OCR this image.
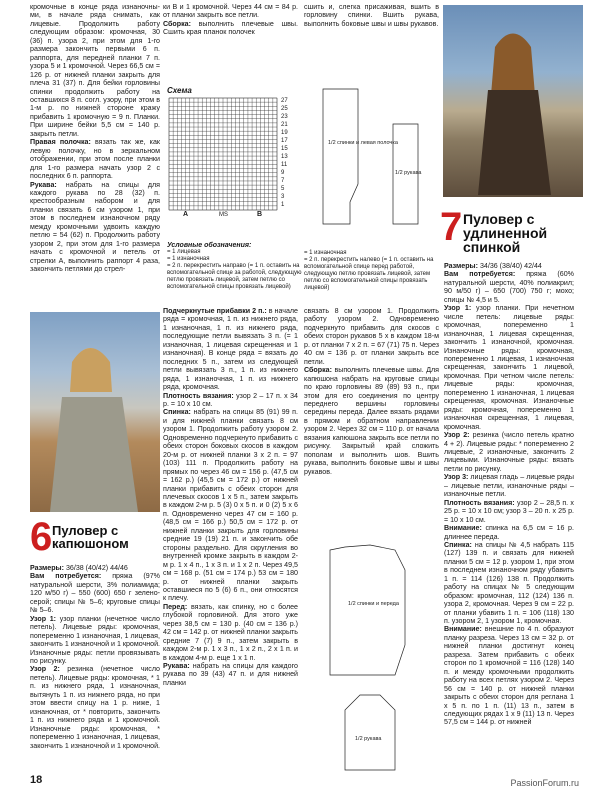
кромочные в конце ряда изнаночны-ми, в начале ряда снимать, как лицевые. Продолжить работу следующим образом: кромочная, 30 (36) п. узора 2, при этом для 1-го размера закончить первыми 6 п. раппорта, для передней планки 7 п. узора 5 и 1 кромочной. Через 66,5 см = 126 р. от нижней планки закрыть для плеча 31 (37) п. Для бейки горловины спинки продолжить работу на оставшихся 8 п. согл. узору, при этом в 1-м р. по нижней стороне кражу прибавить 1 кромочную = 9 п. Планки. При ширине бейки 5,5 см = 140 р. закрыть петли.

Правая полочка: вязать так же, как левую полочку, но в зеркальном отображении, при этом после планки для 1-го размера начать узор 2 с последних 6 п. раппорта.

Рукава: набрать на спицы для каждого рукава по 28 (32) п. крестообразным набором и для планки связать 6 см узором 1, при этом в последнем изнаночном ряду между кромочными удвоить каждую петлю = 54 (62) п. Продолжить работу узором 2, при этом для 1-го размера начать с кромочной и петель от стрелки А, выполнить раппорт 4 раза, закончить петлями до стрел-

ки В и 1 кромочной. Через 44 см = 84 р. от планки закрыть все петли.

Сборка: выполнить плечевые швы. Сшить края планок полочек

сшить и, слегка присаживая, вшить в горловину спинки. Вшить рукава, выполнить боковые швы и швы рукавов.

Схема
27
25
23
21
19
17
15
13
11
9
7
5
3
1
A	B
MS
Условные обозначения:
= 1 лицевая
= 1 изнаночная
= 2 п. перекрестить направо (= 1 п. оставить на вспомогательной спице за работой, следующую петлю провязать лицевой, затем петлю со вспомогательной спицы провязать лицевой)
= 1 изнаночная
= 2 п. перекрестить налево (= 1 п. оставить на вспомогательной спице перед работой, следующую петлю провязать лицевой, затем петлю со вспомогательной спицы провязать лицевой)
1/2 спинки и левая полочка
1/2 рукава
7 Пуловер с удлиненной спинкой

Размеры: 34/36 (38/40) 42/44

Вам потребуется: пряжа (60% натуральной шерсти, 40% полиакрил; 90 м/50 г) – 650 (700) 750 г; мохо; спицы № 4,5 и 5.

Узор 1: узор планки. При нечетном числе петель: лицевые ряды: кромочная, попеременно 1 изнаночная, 1 лицевая скрещенная, закончить 1 изнаночной, кромочная. Изнаночные ряды: кромочная, попеременно 1 лицевая, 1 изнаночная скрещенная, закончить 1 лицевой, кромочная. При четном числе петель: лицевые ряды: кромочная, попеременно 1 изнаночная, 1 лицевая скрещенная, кромочная. Изнаночные ряды: кромочная, попеременно 1 изнаночная скрещенная, 1 лицевая, кромочная.

Узор 2: резинка (число петель кратно 4 + 2). Лицевые ряды: * попеременно 2 лицевые, 2 изнаночные, закончить 2 лицевыми. Изнаночные ряды: вязать петли по рисунку.

Узор 3: лицевая гладь – лицевые ряды – лицевые петли, изнаночные ряды – изнаночные петли.

Плотность вязания: узор 2 – 28,5 п. x 25 р. = 10 x 10 см; узор 3 – 20 п. x 25 р. = 10 x 10 см.

Внимание: спинка на 6,5 см = 16 р. длиннее переда.

Спинка: на спицы № 4,5 набрать 115 (127) 139 п. и связать для нижней планки 5 см = 12 р. узором 1, при этом в последнем изнаночном ряду убавить 1 п. = 114 (126) 138 п. Продолжить работу на спицах № 5 следующим образом: кромочная, 112 (124) 136 п. узора 2, кромочная. Через 9 см = 22 р. от планки убавить 1 п. = 106 (118) 130 п. узором 2, 1 узором 1, кромочная.

Внимание: внешние по 4 п. образуют планку разреза. Через 13 см = 32 р. от нижней планки достигнут конец разреза. Затем прибавить с обеих сторон по 1 кромочной = 116 (128) 140 п. и между кромочными продолжить работу на всех петлях узором 2. Через 56 см = 140 р. от нижней планки закрыть с обеих сторон для реглана 1 х 5 п. по 1 п. (11) 13 п., затем в следующих рядах 1 х 9 (11) 13 п. Через 57,5 см = 144 р. от нижней

6 Пуловер с капюшоном

Размеры: 36/38 (40/42) 44/46

Вам потребуется: пряжа (97% натуральной шерсти, 3% полиамида; 120 м/50 г) – 550 (600) 650 г зелено-серой; спицы № 5–6; круговые спицы № 5–6.

Узор 1: узор планки (нечетное число петель). Лицевые ряды: кромочная, попеременно 1 изнаночная, 1 лицевая, закончить 1 изнаночной и 1 кромочной. Изнаночные ряды: петли провязывать по рисунку.

Узор 2: резинка (нечетное число петель). Лицевые ряды: кромочная, * 1 п. из нижнего ряда, 1 изнаночная, вытянуть 1 п. из нижнего ряда, но при этом ввести спицу на 1 р. ниже, 1 изнаночная, от * повторить, закончить 1 п. из нижнего ряда и 1 кромочной. Изнаночные ряды: кромочная, * попеременно 1 изнаночная, 1 лицевая, закончить 1 изнаночной и 1 кромочной.

Подчеркнутые прибавки 2 п.: в начале ряда = кромочная, 1 п. из нижнего ряда, 1 изнаночная, 1 п. из нижнего ряда, последующие петли вывязать 3 п. (= 1 изнаночная, 1 лицевая скрещенная и 1 изнаночная). В конце ряда = вязать до последних 5 п., затем из следующей петли вывязать 3 п., 1 п. из нижнего ряда, 1 изнаночная, 1 п. из нижнего ряда, кромочная.

Плотность вязания: узор 2 – 17 п. x 34 р. = 10 x 10 см.

Спинка: набрать на спицы 85 (91) 99 п. и для нижней планки связать 8 см узором 1. Продолжить работу узором 2. Одновременно подчеркнуто прибавить с обеих сторон боковых скосов в каждом 20-м р. от нижней планки 3 x 2 п. = 97 (103) 111 п. Продолжить работу на прямых по через 46 см = 156 р. (47,5 см = 162 р.) (45,5 см = 172 р.) от нижней планки прибавить с обеих сторон для плечевых скосов 1 x 5 п., затем закрыть в каждом 2-м р. 5 (3) 0 x 5 п. и 0 (2) 5 x 6 п. Одновременно через 47 см = 160 р. (48,5 см = 166 р.) 50,5 см = 172 р. от нижней планки закрыть для горловины средние 19 (19) 21 п. и закончить обе стороны раздельно. Для скругления во внутренней кромке закрыть в каждом 2-м р. 1 x 4 п., 1 x 3 п. и 1 x 2 п. Через 49,5 см = 168 р. (51 см = 174 р.) 53 см = 180 р. от нижней планки закрыть оставшиеся по 5 (6) 6 п., они относятся к плечу.

Перед: вязать, как спинку, но с более глубокой горловиной. Для этого уже через 38,5 см = 130 р. (40 см = 136 р.) 42 см = 142 р. от нижней планки закрыть средние 7 (7) 9 п., затем закрыть в каждом 2-м р. 1 x 3 п., 1 x 2 п., 2 x 1 п. и в каждом 4-м р. еще 1 x 1 п.

Рукава: набрать на спицы для каждого рукава по 39 (43) 47 п. и для нижней планки

связать 8 см узором 1. Продолжить работу узором 2. Одновременно подчеркнуто прибавить для скосов с обеих сторон рукавов 5 x в каждом 18-м р. от планки 7 x 2 п. = 67 (71) 75 п. Через 40 см = 136 р. от планки закрыть все петли.

Сборка: выполнить плечевые швы. Для капюшона набрать на круговые спицы по краю горловины 89 (89) 93 п., при этом для его соединения по центру переднего вершины горловины середины переда. Далее вязать рядами в прямом и обратном направлении узором 2. Через 32 см = 110 р. от начала вязания капюшона закрыть все петли по рисунку. Закрытый край сложить пополам и выполнить шов. Вшить рукава, выполнить боковые швы и швы рукавов.

1/2 спинки и переда
1/2 рукава
18	PassionForum.ru
